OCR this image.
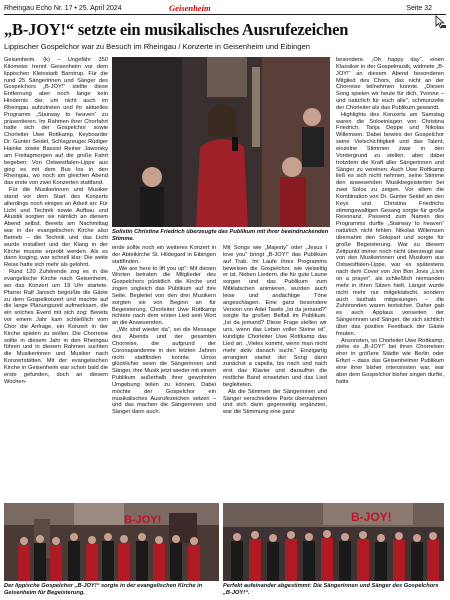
Rheingau Echo Nr. 17 • 25. April 2024	Geisenheim	Seite 32
„B-JOY!“ setzte ein musikalisches Ausrufezeichen
Lippischer Gospelchor war zu Besuch im Rheingau / Konzerte in Geisenheim und Eibingen

Geisenheim. (k) – Ungefähr 350 Kilometer trennt Geisenheim vor dem lippischen Kleinstadt Barntrup. Für die rund 25 Sängerinnen und Sänger des Gospelchors „B-JOY!“ stellte diese Entfernung aber noch lange kein Hindernis dar, um nicht auch im Rheingau aufzutreten und ihr aktuelles Programm „Stairway to heaven“ zu präsentieren. Im Rahmen ihrer Chorfahrt hatte sich der Gospelchor sowie Chorleiter Uwe Rottkamp, Keyboarder Dr. Gunter Seidel, Schlagzeuger Rüdiger Hainke sowie Bassist Reiner Jaworsky am Freitagmorgen auf die große Fahrt begeben: Von Ostwestfalen-Lippe aus ging es mit dem Bus los in den Rheingau, wo noch am gleichen Abend das erste von zwei Konzerten stattfand.

Für die Musikerinnen und Musiker stand vor dem Start des Konzerts allerdings noch einiges an Arbeit an: Für Licht und Technik sowie Aufbau und Akustik sorgten sie nämlich an diesem Abend selbst. Bereits am Nachmittag war in der evangelischen Kirche also Betrieb – die Technik und das Licht wurde installiert und der Klang in der Kirche musste erprobt werden. Als es dann losging, war schnell klar: Die weite Reise hatte sich mehr als gelohnt.

Rund 120 Zuhörende zog es in die evangelische Kirche nach Geisenheim, wo das Konzert um 19 Uhr startete. Pfarrer Ralf Janisch begrüßte die Gäste zu dem Gospelkonzert und machte auf die lange Planungszeit aufmerksam, die ein solches Event mit sich zog: Bereits vor einem Jahr kam schließlich vom Chor die Anfrage, ein Konzert in der Kirche spielen zu wollen. Die Chorreise sollte in diesem Jahr in den Rheingau führen und in diesem Rahmen suchten die Musikerinnen und Musiker nach Konzertstätten. Mit der evangelischen Kirche in Geisenheim war schon bald die erste gefunden, doch an diesem Wochen-

Solistin Christina Friedrich überzeugte das Publikum mit ihrer beeindruckenden Stimme.

ende sollte noch ein weiteres Konzert in der Abteikirche St. Hildegard in Eibingen stattfinden.

„We are here to lift you up“: Mit diesen Worten betraten die Mitglieder des Gospelchors pünktlich die Kirche und zogen sogleich das Publikum auf ihre Seite. Begleitet von den drei Musikern sorgten sie von Beginn an für Begeisterung. Chorleiter Uwe Rottkamp richtete nach dem ersten Lied sein Wort an die Anwesenden.

„Wir sind wieder da“, sei die Message des Abends und der gesamten Chorreise, die aufgrund der Coronapandemie in den letzten Jahren nicht stattfinden konnte. Umso glücklicher seien die Sängerinnen und Sänger, ihre Musik jetzt wieder mit einem Publikum außerhalb ihrer gewohnten Umgebung teilen zu können. Dabei möchte der Gospelchor ein musikalisches Ausrufezeichen setzen – und das machen die Sängerinnen und Sänger dann auch.

Mit Songs wie „Majesty“ oder „Jesus I love you“ bringt „B-JOY!“ das Publikum auf Trab. Im Laufe ihres Programms beweisen die Gospelchor, wie vielseitig er ist. Neben Liedern, die für gute Laune sorgen und das Publikum zum Mitklatschen animieren, wurden auch leise und andächtige Töne angeschlagen. Eine ganz besondere Version von Adel Tawils „Ist da jemand?“ sorgte für großen Beifall im Publikum. „Ist da jemand? Diese Frage stellen wir uns, wenn das Leben voller Steine ist“, kündigte Chorleiter Uwe Rottkamp das Lied an. „Vieles kommt, wenn man nicht mehr aktiv danach sucht.“ Einzigartig arrangiert startet der Song dann zunächst a capella, bis nach und nach erst das Klavier und daraufhin die restliche Band einsetzten und das Lied begleiteten.

Als die Stimmen der Sängerinnen und Sänger verschiedene Parts übernahmen und sich darin gegenseitig ergänzten, war die Stimmung eine ganz

besondere. „Oh happy day“, einen Klassiker in der Gospelmusik, widmete „B-JOY!“ an diesem Abend besonderen Mitglied des Chors, das nicht an der Chorreise teilnehmen konnte. „Diesen Song spielen wir heute für dich, Yvonne – und natürlich für euch alle“, schmunzelte der Chorleiter als das Publikum gewandt.

Highlights des Konzerts am Samstag waren die Soloeinlagen von Christina Friedrich, Tanja Deppe und Nikolas Willemsen. Dabei bewies der Gospelchor seine Vielschichtigkeit und das Talent, einzelne Stimmen zwar in den Vordergrund zu stellen, aber dabei trotzdem die Kraft aller Sängerinnen und Sänger zu vereinen. Auch Uwe Rottkamp ließ es sich nicht nehmen, seine Stimme den anwesenden Musikbegeisterten bei zwei Solos zu zeigen. Vor allem die Kombination von Dr. Gunter Seidel an den Keys und Christina Friedrichs stimmgewaltigen Gesang sorgte für große Resonanz. Passend zum Namen des Programms durfte „Stairway to heaven“ natürlich nicht fehlen. Nikolas Willemsen übernahm den Solopart und sorgte für große Begeisterung. War zu diesem Zeitpunkt immer noch nicht überzeugt war von den Musikerinnen und Musikern aus Ostwestfalen-Lippe, war es spätestens nach dem Cover von Jon Bon Jovis „Livin on a prayer“, als schließlich niemanden mehr in ihren Sitzen hielt. Längst wurde nicht mehr nur mitgeklatscht, sondern auch lauthals mitgesungen – die Zuhörenden waren textsicher. Daher gab es auch Applaus vonseiten der Sängerinnen und Sänger, die sich sichtlich über das positive Feedback der Gäste freuten.

Ansonsten, so Chorleiter Uwe Rottkamp, ziehe es „B-JOY!“ bei ihren Chorreisen eher in größere Städte wie Berlin oder Erfurt – dass das Geisenheimer Publikum eine ihrer bisher intensivsten war, war aber dem Gospelchor bisher singen durfte, hatte

B-JOY!
Der lippische Gospelchor „B-JOY!“ sorgte in der evangelischen Kirche in Geisenheim für Begeisterung.
B-JOY!
Perfekt aufeinander abgestimmt: Die Sängerinnen und Sänger des Gospelchors „B-JOY!“.
